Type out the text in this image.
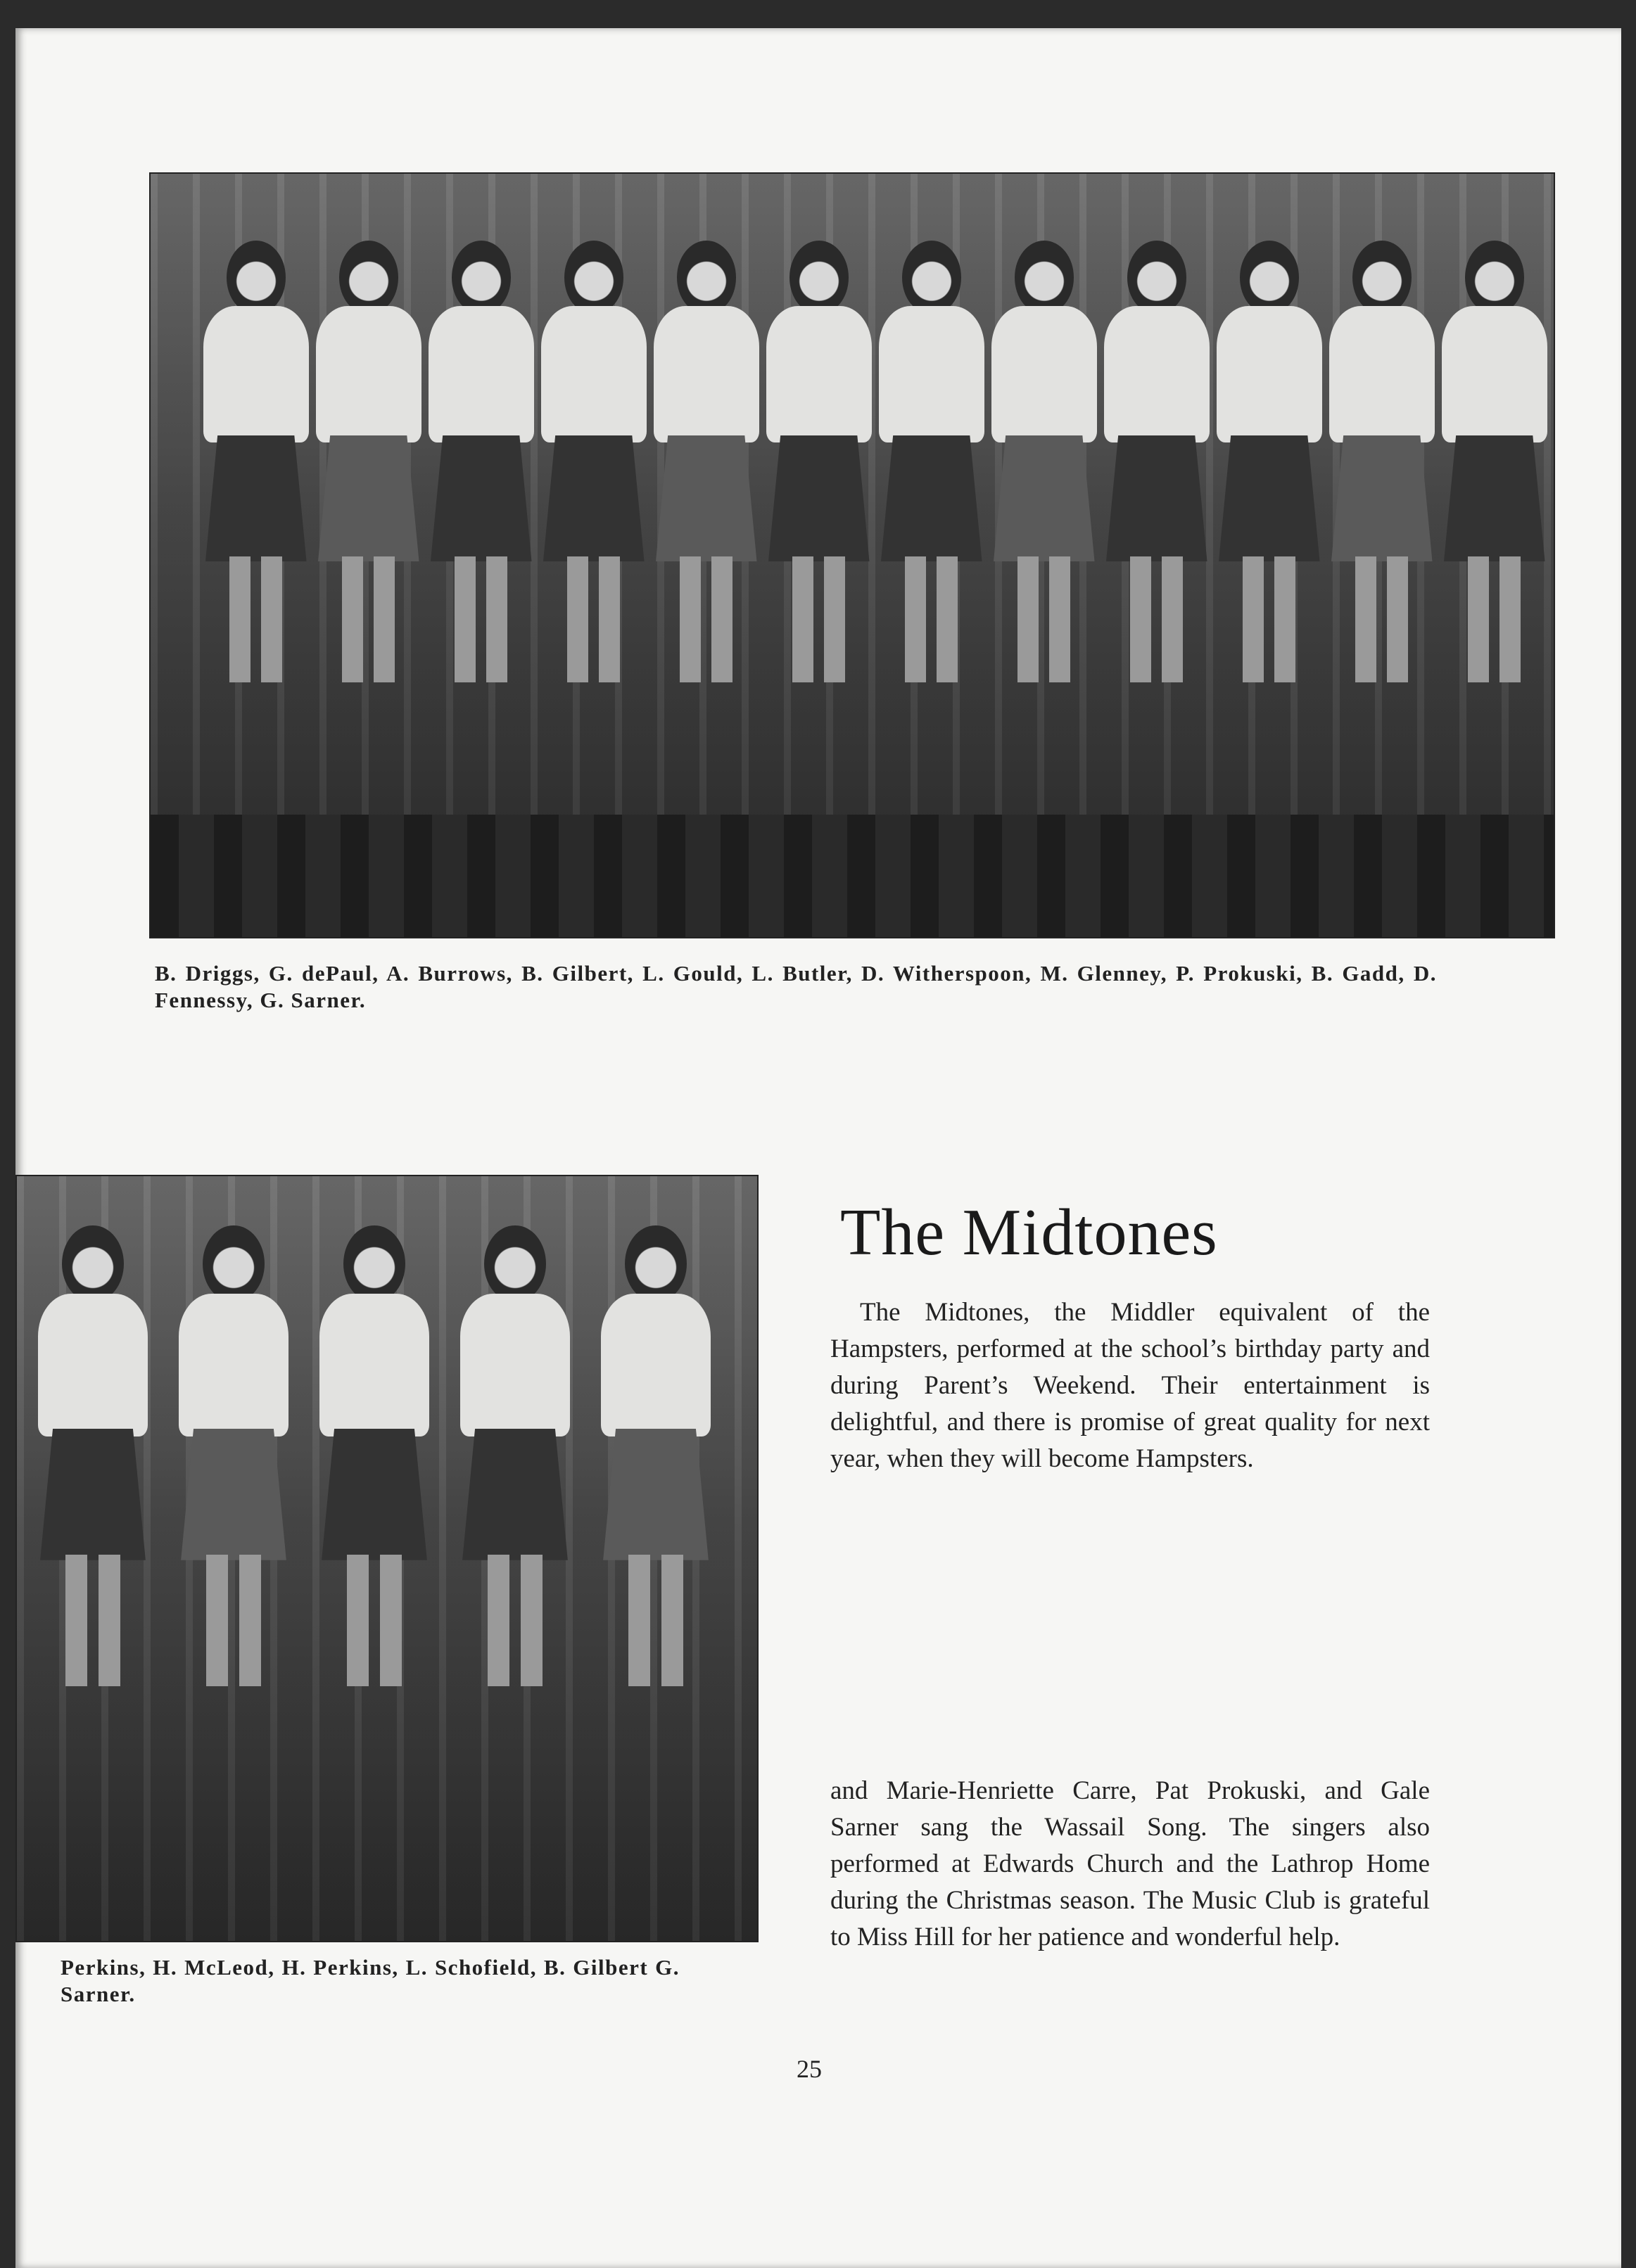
B. Driggs, G. dePaul, A. Burrows, B. Gilbert, L. Gould, L. Butler, D. Witherspoon, M. Glenney, P. Prokuski, B. Gadd, D. Fennessy, G. Sarner.
Perkins, H. McLeod, H. Perkins, L. Schofield, B. Gilbert G. Sarner.
The Midtones
The Midtones, the Middler equivalent of the Hampsters, performed at the school’s birthday party and during Parent’s Weekend. Their entertainment is delightful, and there is promise of great quality for next year, when they will become Hampsters.
and Marie-Henriette Carre, Pat Prokuski, and Gale Sarner sang the Wassail Song. The singers also performed at Edwards Church and the Lathrop Home during the Christmas season. The Music Club is grateful to Miss Hill for her patience and wonderful help.
25
